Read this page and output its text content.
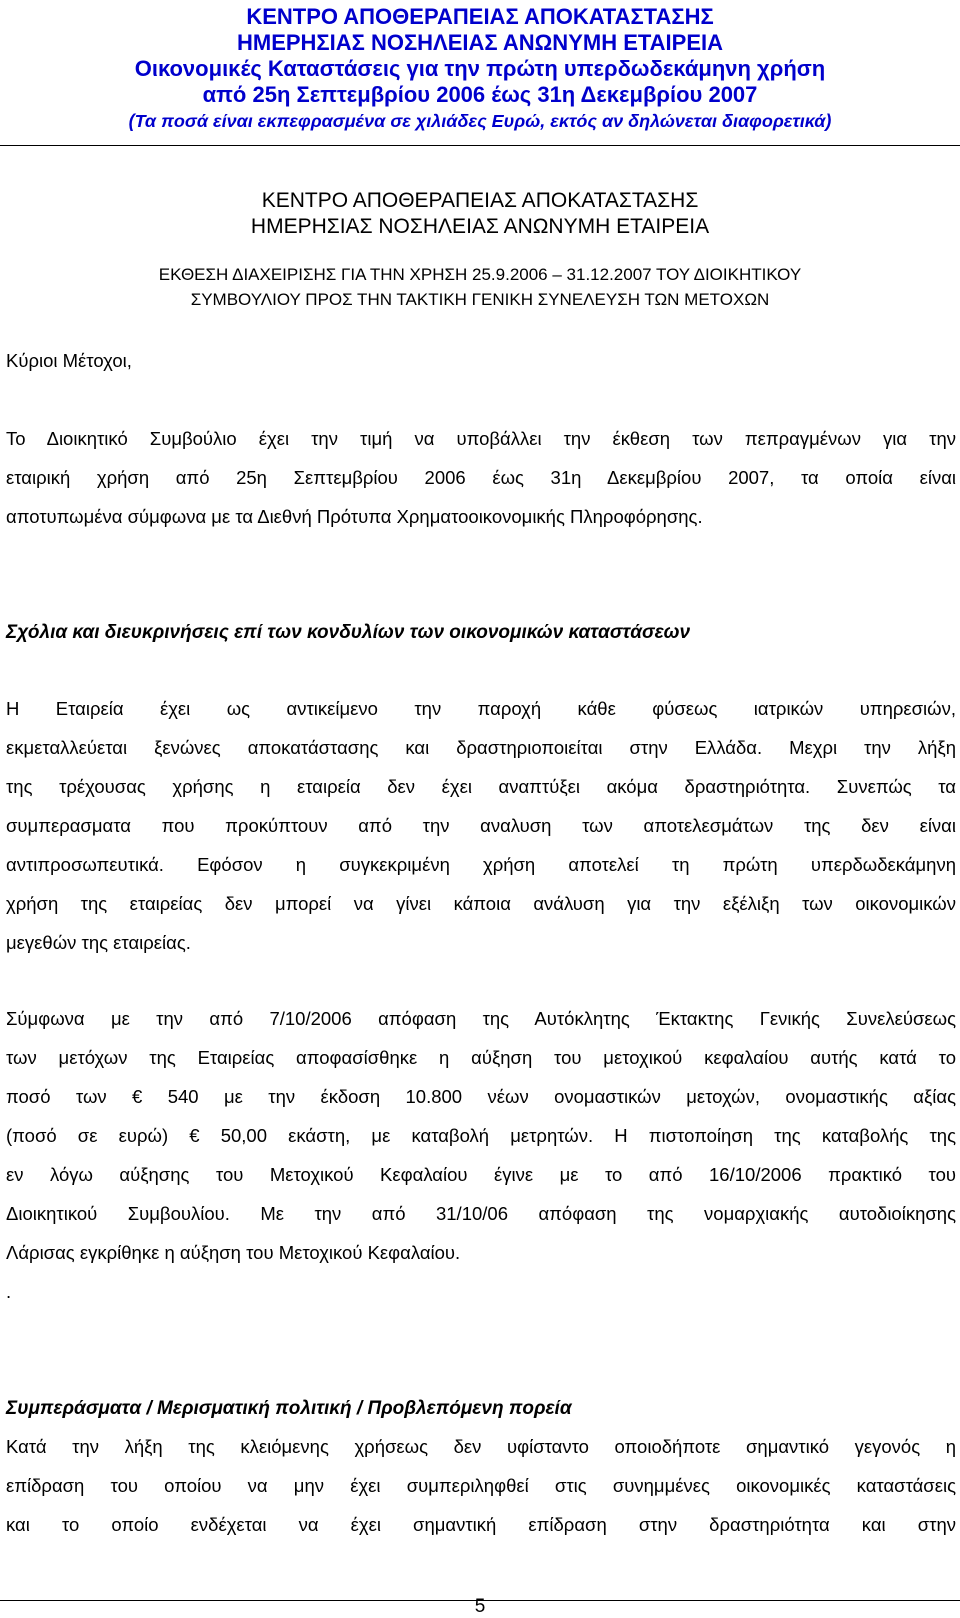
ΚΕΝΤΡΟ ΑΠΟΘΕΡΑΠΕΙΑΣ ΑΠΟΚΑΤΑΣΤΑΣΗΣ
ΗΜΕΡΗΣΙΑΣ ΝΟΣΗΛΕΙΑΣ ΑΝΩΝΥΜΗ ΕΤΑΙΡΕΙΑ
Οικονομικές Καταστάσεις για την πρώτη υπερδωδεκάμηνη χρήση
από 25η Σεπτεμβρίου 2006 έως 31η Δεκεμβρίου 2007
(Τα ποσά είναι εκπεφρασμένα σε χιλιάδες Ευρώ, εκτός αν δηλώνεται διαφορετικά)
ΚΕΝΤΡΟ ΑΠΟΘΕΡΑΠΕΙΑΣ ΑΠΟΚΑΤΑΣΤΑΣΗΣ
ΗΜΕΡΗΣΙΑΣ ΝΟΣΗΛΕΙΑΣ ΑΝΩΝΥΜΗ ΕΤΑΙΡΕΙΑ
ΕΚΘΕΣΗ ΔΙΑΧΕΙΡΙΣΗΣ ΓΙΑ ΤΗΝ ΧΡΗΣΗ 25.9.2006 – 31.12.2007 ΤΟΥ ΔΙΟΙΚΗΤΙΚΟΥ
ΣΥΜΒΟΥΛΙΟΥ ΠΡΟΣ ΤΗΝ ΤΑΚΤΙΚΗ ΓΕΝΙΚΗ ΣΥΝΕΛΕΥΣΗ ΤΩΝ ΜΕΤΟΧΩΝ
Κύριοι Μέτοχοι,
Το Διοικητικό Συμβούλιο έχει την τιμή να υποβάλλει την έκθεση των πεπραγμένων για την
εταιρική χρήση από 25η Σεπτεμβρίου 2006 έως 31η Δεκεμβρίου 2007, τα οποία είναι
αποτυπωμένα σύμφωνα με τα Διεθνή Πρότυπα Χρηματοοικονομικής Πληροφόρησης.
Σχόλια και διευκρινήσεις επί των κονδυλίων των οικονομικών καταστάσεων
Η Εταιρεία έχει ως αντικείμενο την παροχή κάθε φύσεως ιατρικών υπηρεσιών,
εκμεταλλεύεται ξενώνες αποκατάστασης και δραστηριοποιείται στην Ελλάδα. Μεχρι την λήξη
της τρέχουσας χρήσης η εταιρεία δεν έχει αναπτύξει ακόμα δραστηριότητα. Συνεπώς τα
συμπερασματα που προκύπτουν από την αναλυση των αποτελεσμάτων της δεν είναι
αντιπροσωπευτικά. Εφόσον η συγκεκριμένη χρήση αποτελεί τη πρώτη υπερδωδεκάμηνη
χρήση της εταιρείας δεν μπορεί να γίνει κάποια ανάλυση για την εξέλιξη των οικονομικών
μεγεθών της εταιρείας.
Σύμφωνα με την από 7/10/2006 απόφαση της Αυτόκλητης Έκτακτης Γενικής Συνελεύσεως
των μετόχων της Εταιρείας αποφασίσθηκε η αύξηση του μετοχικού κεφαλαίου αυτής κατά το
ποσό των € 540 με την έκδοση 10.800 νέων ονομαστικών μετοχών, ονομαστικής αξίας
(ποσό σε ευρώ) € 50,00 εκάστη, με καταβολή μετρητών. Η πιστοποίηση της καταβολής της
εν λόγω αύξησης του Μετοχικού Κεφαλαίου έγινε με το από 16/10/2006 πρακτικό του
Διοικητικού Συμβουλίου. Με την από 31/10/06 απόφαση της νομαρχιακής αυτοδιοίκησης
Λάρισας εγκρίθηκε η αύξηση του Μετοχικού Κεφαλαίου.
.
Συμπεράσματα / Μερισματική πολιτική / Προβλεπόμενη πορεία
Κατά την λήξη της κλειόμενης χρήσεως δεν υφίσταντο οποιοδήποτε σημαντικό γεγονός η
επίδραση του οποίου να μην έχει συμπεριληφθεί στις συνημμένες οικονομικές καταστάσεις
και το οποίο ενδέχεται να έχει σημαντική επίδραση στην δραστηριότητα και στην
5
